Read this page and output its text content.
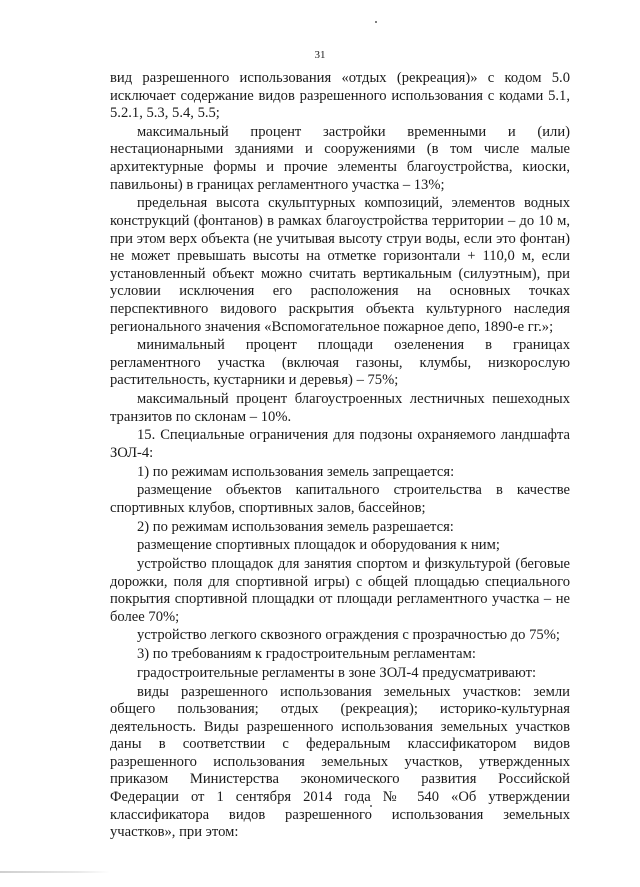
31

вид разрешенного использования «отдых (рекреация)» с кодом 5.0 исключает содержание видов разрешенного использования с кодами 5.1, 5.2.1, 5.3, 5.4, 5.5;

максимальный процент застройки временными и (или) нестационарными зданиями и сооружениями (в том числе малые архитектурные формы и прочие элементы благоустройства, киоски, павильоны) в границах регламентного участка – 13%;

предельная высота скульптурных композиций, элементов водных конструкций (фонтанов) в рамках благоустройства территории – до 10 м, при этом верх объекта (не учитывая высоту струи воды, если это фонтан) не может превышать высоты на отметке горизонтали + 110,0 м, если установленный объект можно считать вертикальным (силуэтным), при условии исключения его расположения на основных точках перспективного видового раскрытия объекта культурного наследия регионального значения «Вспомогательное пожарное депо, 1890-е гг.»;

минимальный процент площади озеленения в границах регламентного участка (включая газоны, клумбы, низкорослую растительность, кустарники и деревья) – 75%;

максимальный процент благоустроенных лестничных пешеходных транзитов по склонам – 10%.

15. Специальные ограничения для подзоны охраняемого ландшафта ЗОЛ-4:

1) по режимам использования земель запрещается:

размещение объектов капитального строительства в качестве спортивных клубов, спортивных залов, бассейнов;

2) по режимам использования земель разрешается:

размещение спортивных площадок и оборудования к ним;

устройство площадок для занятия спортом и физкультурой (беговые дорожки, поля для спортивной игры) с общей площадью специального покрытия спортивной площадки от площади регламентного участка – не более 70%;

устройство легкого сквозного ограждения с прозрачностью до 75%;

3) по требованиям к градостроительным регламентам:

градостроительные регламенты в зоне ЗОЛ-4 предусматривают:

виды разрешенного использования земельных участков: земли общего пользования; отдых (рекреация); историко-культурная деятельность. Виды разрешенного использования земельных участков даны в соответствии с федеральным классификатором видов разрешенного использования земельных участков, утвержденных приказом Министерства экономического развития Российской Федерации от 1 сентября 2014 года № 540 «Об утверждении классификатора видов разрешенного использования земельных участков», при этом:
